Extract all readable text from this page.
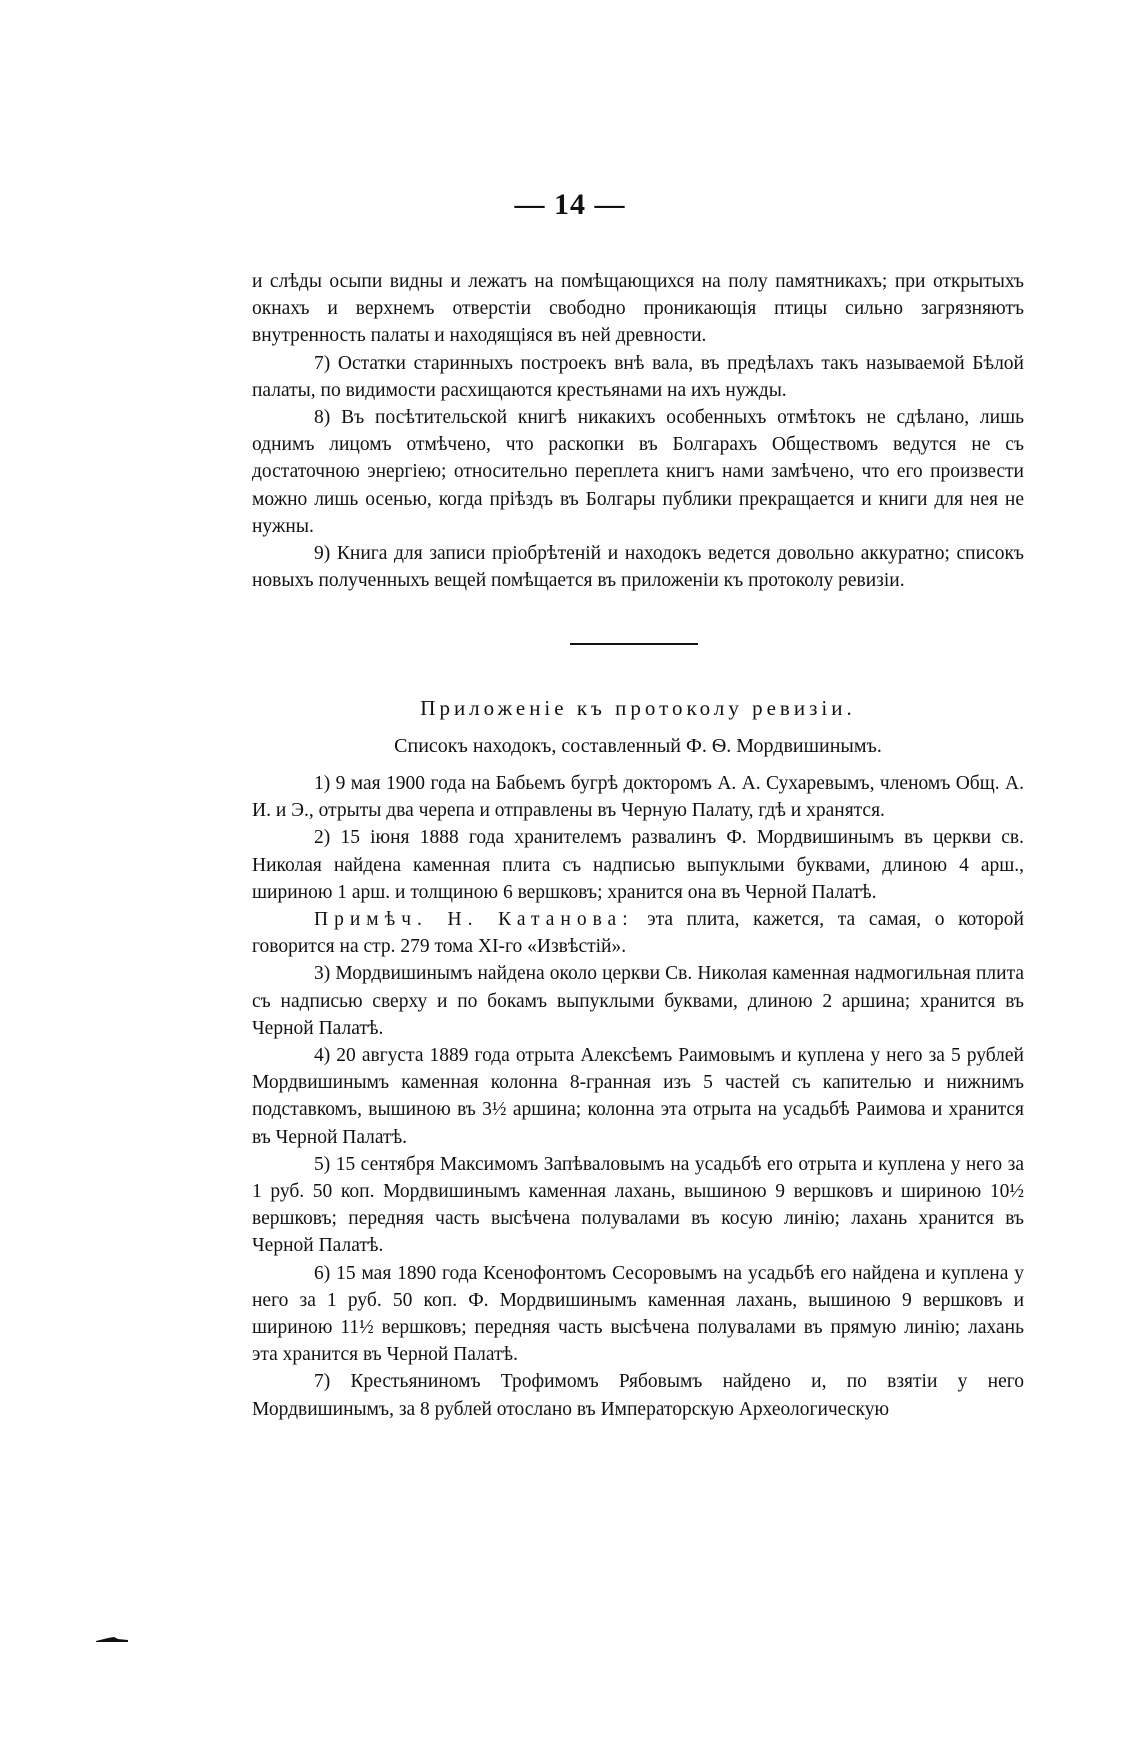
— 14 —

и слѣды осыпи видны и лежатъ на помѣщающихся на полу памятникахъ; при открытыхъ окнахъ и верхнемъ отверстіи свободно проникающія птицы сильно загрязняютъ внутренность палаты и находящіяся въ ней древности.

7) Остатки старинныхъ построекъ внѣ вала, въ предѣлахъ такъ называемой Бѣлой палаты, по видимости расхищаются крестьянами на ихъ нужды.

8) Въ посѣтительской книгѣ никакихъ особенныхъ отмѣтокъ не сдѣлано, лишь однимъ лицомъ отмѣчено, что раскопки въ Болгарахъ Обществомъ ведутся не съ достаточною энергіею; относительно переплета книгъ нами замѣчено, что его произвести можно лишь осенью, когда пріѣздъ въ Болгары публики прекращается и книги для нея не нужны.

9) Книга для записи пріобрѣтеній и находокъ ведется довольно аккуратно; списокъ новыхъ полученныхъ вещей помѣщается въ приложеніи къ протоколу ревизіи.

Приложеніе къ протоколу ревизіи.
Списокъ находокъ, составленный Ф. Ѳ. Мордвишинымъ.

1) 9 мая 1900 года на Бабьемъ бугрѣ докторомъ А. А. Сухаревымъ, членомъ Общ. А. И. и Э., отрыты два черепа и отправлены въ Черную Палату, гдѣ и хранятся.

2) 15 іюня 1888 года хранителемъ развалинъ Ф. Мордвишинымъ въ церкви св. Николая найдена каменная плита съ надписью выпуклыми буквами, длиною 4 арш., шириною 1 арш. и толщиною 6 вершковъ; хранится она въ Черной Палатѣ.

Примѣч. Н. Катанова: эта плита, кажется, та самая, о которой говорится на стр. 279 тома XI-го «Извѣстій».

3) Мордвишинымъ найдена около церкви Св. Николая каменная надмогильная плита съ надписью сверху и по бокамъ выпуклыми буквами, длиною 2 аршина; хранится въ Черной Палатѣ.

4) 20 августа 1889 года отрыта Алексѣемъ Раимовымъ и куплена у него за 5 рублей Мордвишинымъ каменная колонна 8-гранная изъ 5 частей съ капителью и нижнимъ подставкомъ, вышиною въ 3½ аршина; колонна эта отрыта на усадьбѣ Раимова и хранится въ Черной Палатѣ.

5) 15 сентября Максимомъ Запѣваловымъ на усадьбѣ его отрыта и куплена у него за 1 руб. 50 коп. Мордвишинымъ каменная лахань, вышиною 9 вершковъ и шириною 10½ вершковъ; передняя часть высѣчена полувалами въ косую линію; лахань хранится въ Черной Палатѣ.

6) 15 мая 1890 года Ксенофонтомъ Сесоровымъ на усадьбѣ его найдена и куплена у него за 1 руб. 50 коп. Ф. Мордвишинымъ каменная лахань, вышиною 9 вершковъ и шириною 11½ вершковъ; передняя часть высѣчена полувалами въ прямую линію; лахань эта хранится въ Черной Палатѣ.

7) Крестьяниномъ Трофимомъ Рябовымъ найдено и, по взятіи у него Мордвишинымъ, за 8 рублей отослано въ Императорскую Археологическую
